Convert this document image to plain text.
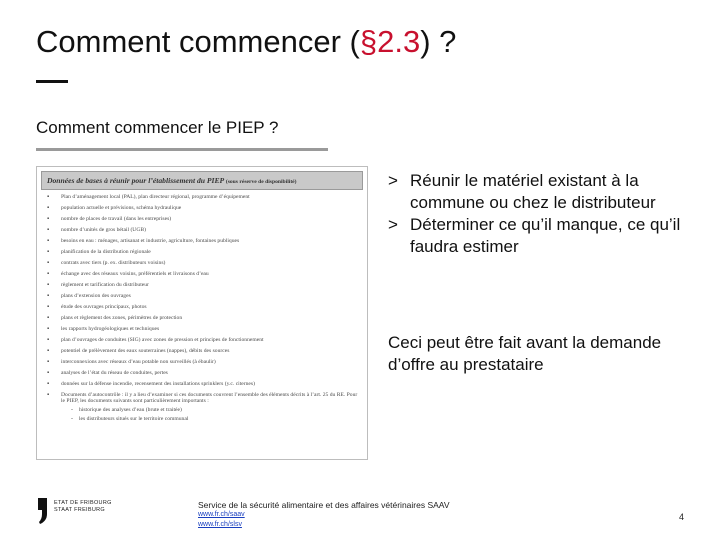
Comment commencer (§2.3) ?
Comment commencer le PIEP ?
Données de bases à réunir pour l’établissement du PIEP (sous réserve de disponibilité)
▪ Plan d’aménagement local (PAL), plan directeur régional, programme d’équipement
▪ population actuelle et prévisions, schéma hydraulique
▪ nombre de places de travail (dans les entreprises)
▪ nombre d’unités de gros bétail (UGB)
▪ besoins en eau : ménages, artisanat et industrie, agriculture, fontaines publiques
▪ planification de la distribution régionale
▪ contrats avec tiers (p. ex. distributeurs voisins)
▪ échange avec des réseaux voisins, préférentiels et livraisons d’eau
▪ règlement et tarification du distributeur
▪ plans d’extension des ouvrages
▪ étude des ouvrages principaux, photos
▪ plans et règlement des zones, périmètres de protection
▪ les rapports hydrogéologiques et techniques
▪ plan d’ouvrages de conduites (SIG) avec zones de pression et principes de fonctionnement
▪ potentiel de prélèvement des eaux souterraines (nappes), débits des sources
▪ interconnexions avec réseaux d’eau potable non surveillés (à ébaulir)
▪ analyses de l’état du réseau de conduites, pertes
▪ données sur la défense incendie, recensement des installations sprinklers (y.c. citernes)
▪ Documents d’autocontrôle : il y a lieu d’examiner si ces documents couvrent l’ensemble des éléments décrits à l’art. 25 du RE. Pour le PIEP, les documents suivants sont particulièrement importants :
- historique des analyses d’eau (brute et traitée)
- les distributeurs situés sur le territoire communal
> Réunir le matériel existant à la commune ou chez le distributeur
> Déterminer ce qu’il manque, ce qu’il faudra estimer
Ceci peut être fait avant la demande d’offre au prestataire
ETAT DE FRIBOURG
STAAT FREIBURG	Service de la sécurité alimentaire et des affaires vétérinaires SAAV
www.fr.ch/saav
www.fr.ch/slsv
4
